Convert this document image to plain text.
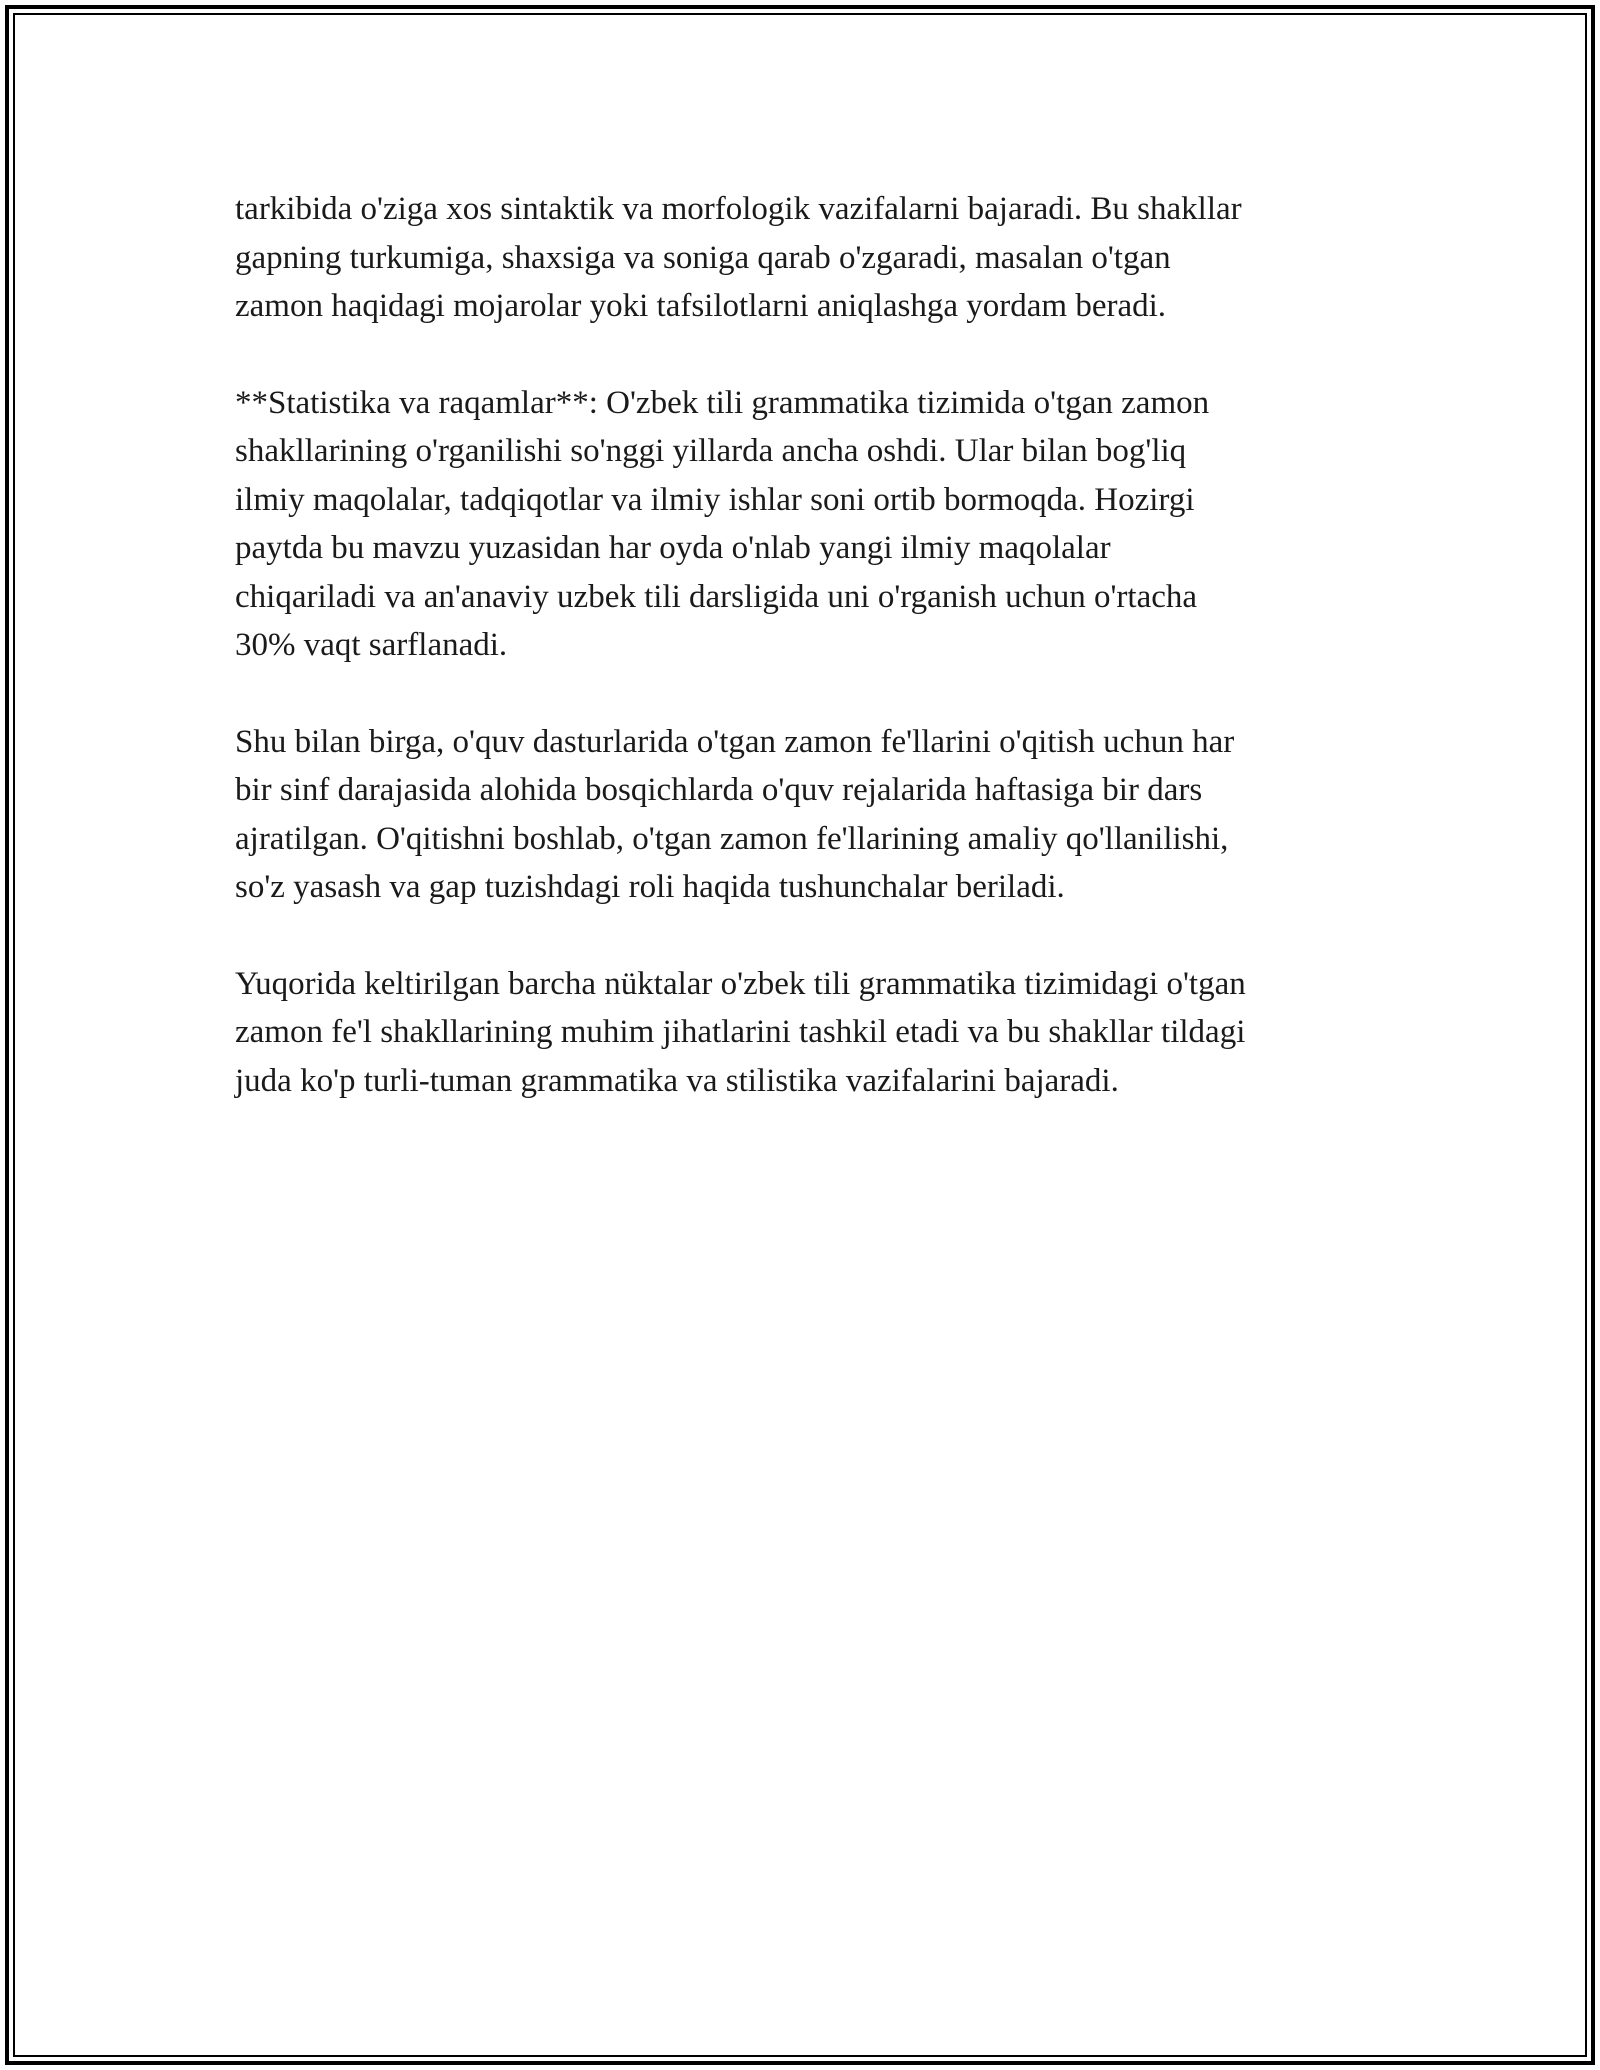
tarkibida o'ziga xos sintaktik va morfologik vazifalarni bajaradi. Bu shakllar
gapning turkumiga, shaxsiga va soniga qarab o'zgaradi, masalan o'tgan
zamon haqidagi mojarolar yoki tafsilotlarni aniqlashga yordam beradi.

**Statistika va raqamlar**: O'zbek tili grammatika tizimida o'tgan zamon
shakllarining o'rganilishi so'nggi yillarda ancha oshdi. Ular bilan bog'liq
ilmiy maqolalar, tadqiqotlar va ilmiy ishlar soni ortib bormoqda. Hozirgi
paytda bu mavzu yuzasidan har oyda o'nlab yangi ilmiy maqolalar
chiqariladi va an'anaviy uzbek tili darsligida uni o'rganish uchun o'rtacha
30% vaqt sarflanadi.

Shu bilan birga, o'quv dasturlarida o'tgan zamon fe'llarini o'qitish uchun har
bir sinf darajasida alohida bosqichlarda o'quv rejalarida haftasiga bir dars
ajratilgan. O'qitishni boshlab, o'tgan zamon fe'llarining amaliy qo'llanilishi,
so'z yasash va gap tuzishdagi roli haqida tushunchalar beriladi.

Yuqorida keltirilgan barcha nüktalar o'zbek tili grammatika tizimidagi o'tgan
zamon fe'l shakllarining muhim jihatlarini tashkil etadi va bu shakllar tildagi
juda ko'p turli-tuman grammatika va stilistika vazifalarini bajaradi.
